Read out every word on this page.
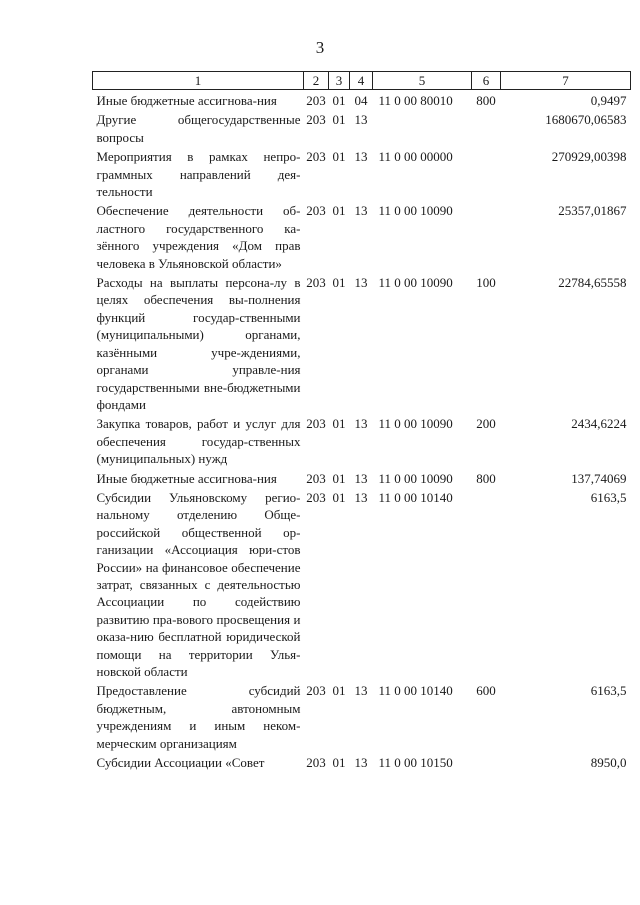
3
1	2	3	4	5	6	7
Иные бюджетные ассигнова-ния	203	01	04	11 0 00 80010	800	0,9497
Другие общегосударственные вопросы	203	01	13			1680670,06583
Мероприятия в рамках непро-граммных направлений дея-тельности	203	01	13	11 0 00 00000		270929,00398
Обеспечение деятельности об-ластного государственного ка-зённого учреждения «Дом прав человека в Ульяновской области»	203	01	13	11 0 00 10090		25357,01867
Расходы на выплаты персона-лу в целях обеспечения вы-полнения функций государ-ственными (муниципальными) органами, казёнными учре-ждениями, органами управле-ния государственными вне-бюджетными фондами	203	01	13	11 0 00 10090	100	22784,65558
Закупка товаров, работ и услуг для обеспечения государ-ственных (муниципальных) нужд	203	01	13	11 0 00 10090	200	2434,6224
Иные бюджетные ассигнова-ния	203	01	13	11 0 00 10090	800	137,74069
Субсидии Ульяновскому регио-нальному отделению Обще-российской общественной ор-ганизации «Ассоциация юри-стов России» на финансовое обеспечение затрат, связанных с деятельностью Ассоциации по содействию развитию пра-вового просвещения и оказа-нию бесплатной юридической помощи на территории Улья-новской области	203	01	13	11 0 00 10140		6163,5
Предоставление субсидий бюджетным, автономным учреждениям и иным неком-мерческим организациям	203	01	13	11 0 00 10140	600	6163,5
Субсидии Ассоциации «Совет	203	01	13	11 0 00 10150		8950,0
